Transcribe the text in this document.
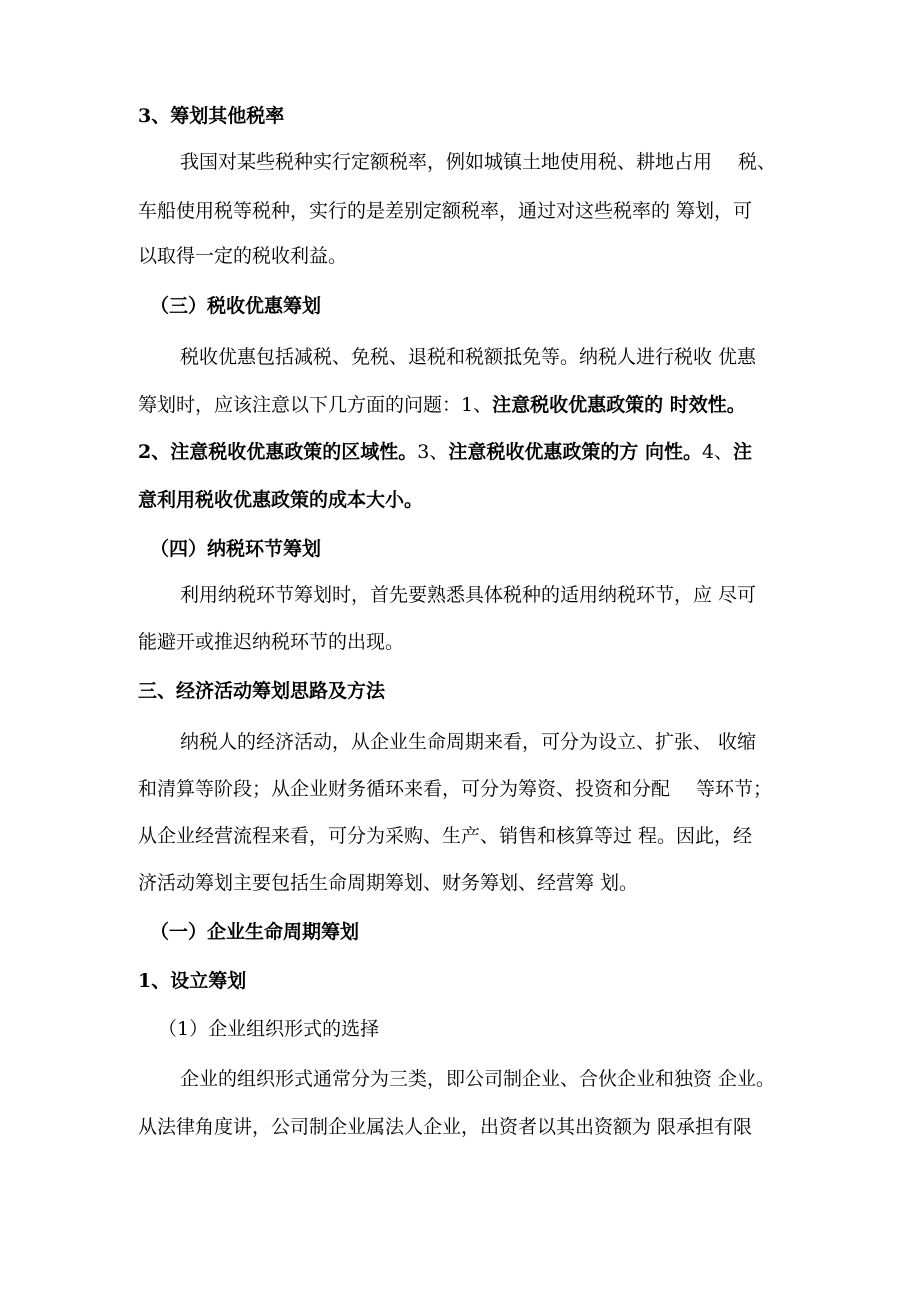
3、筹划其他税率

我国对某些税种实行定额税率，例如城镇土地使用税、耕地占用 税、

车船使用税等税种，实行的是差别定额税率，通过对这些税率的 筹划，可

以取得一定的税收利益。

（三）税收优惠筹划

税收优惠包括减税、免税、退税和税额抵免等。纳税人进行税收 优惠

筹划时，应该注意以下几方面的问题：1、注意税收优惠政策的 时效性。

2、注意税收优惠政策的区域性。3、注意税收优惠政策的方 向性。4、注

意利用税收优惠政策的成本大小。

（四）纳税环节筹划

利用纳税环节筹划时，首先要熟悉具体税种的适用纳税环节，应 尽可

能避开或推迟纳税环节的出现。

三、经济活动筹划思路及方法

纳税人的经济活动，从企业生命周期来看，可分为设立、扩张、 收缩

和清算等阶段；从企业财务循环来看，可分为筹资、投资和分配 等环节；

从企业经营流程来看，可分为采购、生产、销售和核算等过 程。因此，经

济活动筹划主要包括生命周期筹划、财务筹划、经营筹 划。

（一）企业生命周期筹划

1、设立筹划

（1）企业组织形式的选择

企业的组织形式通常分为三类，即公司制企业、合伙企业和独资 企业。

从法律角度讲，公司制企业属法人企业，出资者以其出资额为 限承担有限
